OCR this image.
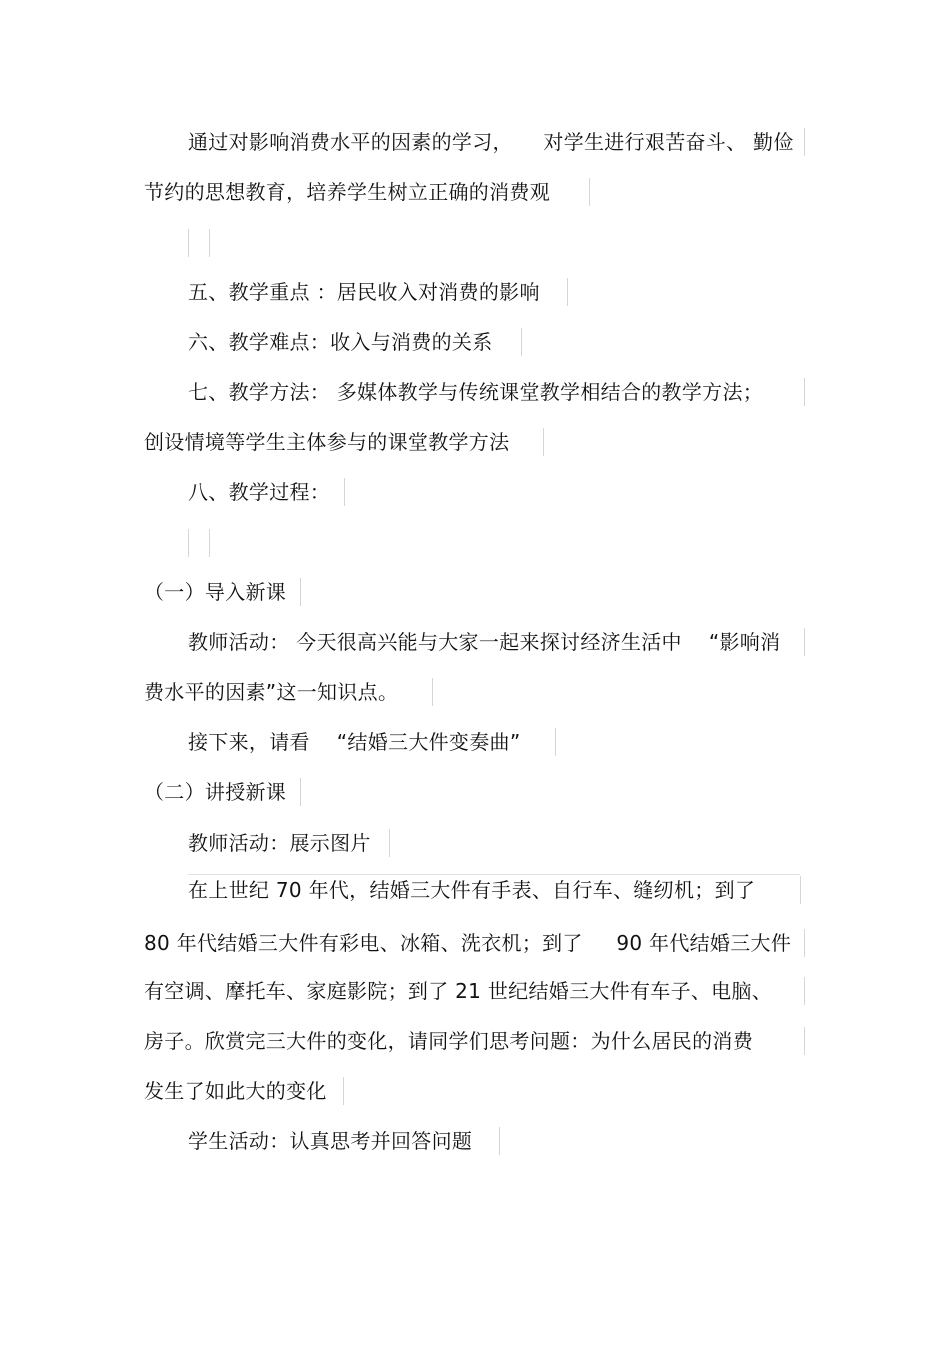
通过对影响消费水平的因素的学习，　　对学生进行艰苦奋斗、 勤俭
节约的思想教育，培养学生树立正确的消费观
五、教学重点 ：居民收入对消费的影响
六、教学难点：收入与消费的关系
七、教学方法： 多媒体教学与传统课堂教学相结合的教学方法；
创设情境等学生主体参与的课堂教学方法
八、教学过程：
（一）导入新课
教师活动： 今天很高兴能与大家一起来探讨经济生活中 　“影响消
费水平的因素”这一知识点。
接下来，请看 　“结婚三大件变奏曲”
（二）讲授新课
教师活动：展示图片
在上世纪 70 年代，结婚三大件有手表、自行车、缝纫机；到了
80 年代结婚三大件有彩电、冰箱、洗衣机；到了 　 90 年代结婚三大件
有空调、摩托车、家庭影院；到了 21 世纪结婚三大件有车子、电脑、
房子。欣赏完三大件的变化，请同学们思考问题：为什么居民的消费
发生了如此大的变化
学生活动：认真思考并回答问题
